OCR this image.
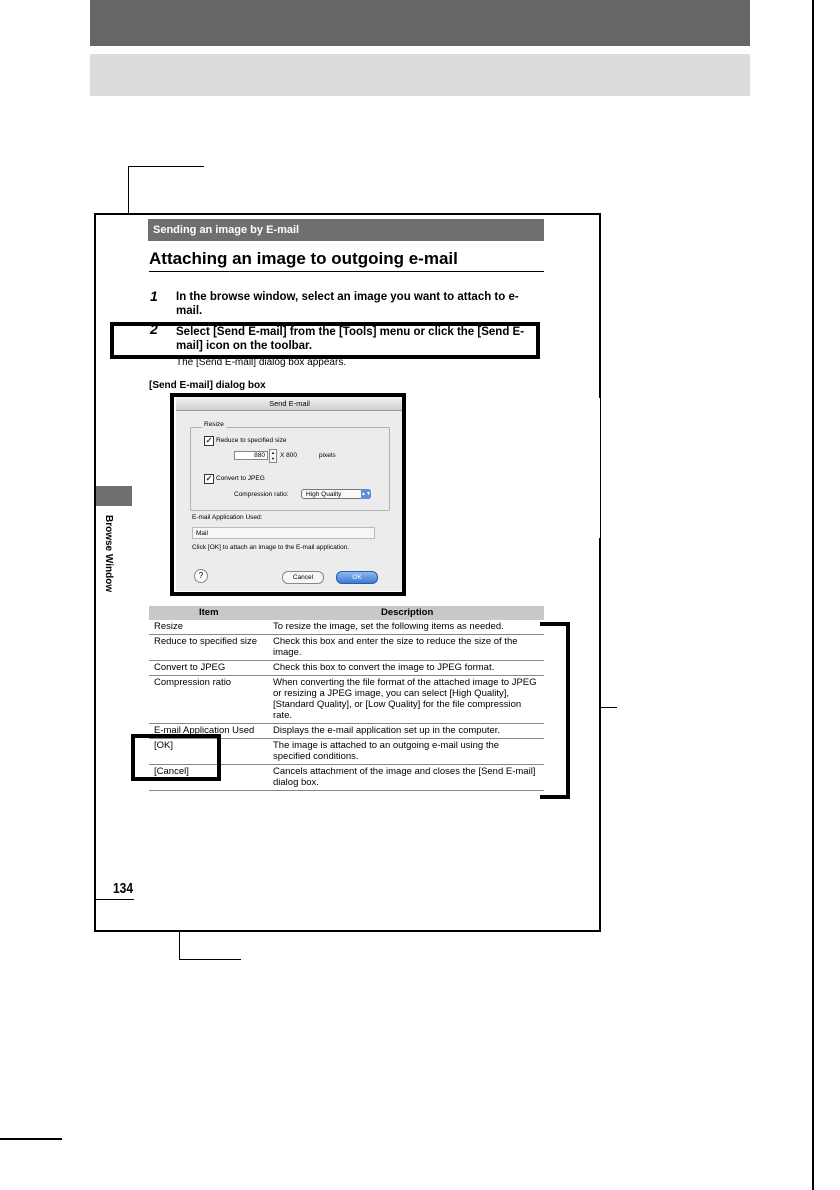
Sending an image by E-mail
Attaching an image to outgoing e-mail
1 In the browse window, select an image you want to attach to e-mail.
2 Select [Send E-mail] from the [Tools] menu or click the [Send E-mail] icon on the toolbar.
The [Send E-mail] dialog box appears.
[Send E-mail] dialog box
Browse Window
Send E-mail
Resize
✓ Reduce to specified size
880	▲
▼ X 800	pixels
✓ Convert to JPEG
Compression ratio:	High Quality	▲▼
E-mail Application Used:
Mail
Click [OK] to attach an image to the E-mail application.
?	Cancel	OK
Item	Description
Resize	To resize the image, set the following items as needed.
Reduce to specified size	Check this box and enter the size to reduce the size of the image.
Convert to JPEG	Check this box to convert the image to JPEG format.
Compression ratio	When converting the file format of the attached image to JPEG or resizing a JPEG image, you can select [High Quality], [Standard Quality], or [Low Quality] for the file compression rate.
E-mail Application Used	Displays the e-mail application set up in the computer.
[OK]	The image is attached to an outgoing e-mail using the specified conditions.
[Cancel]	Cancels attachment of the image and closes the [Send E-mail] dialog box.
134
